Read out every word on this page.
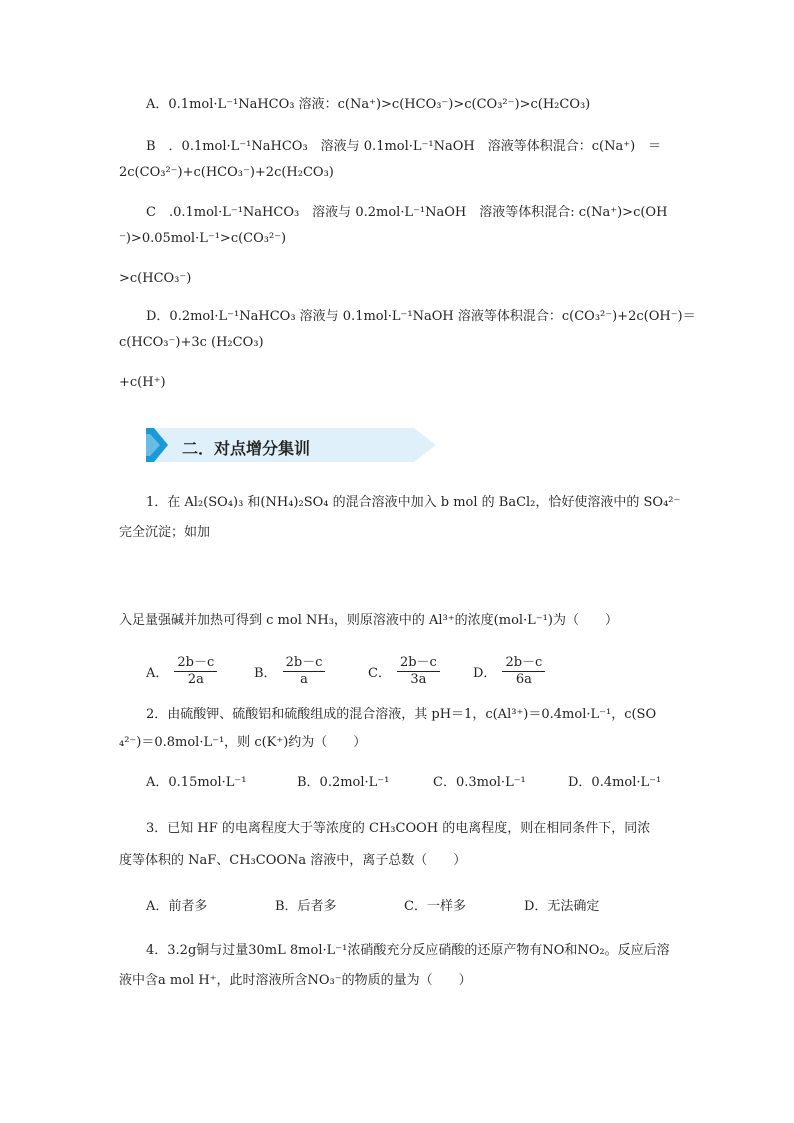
A．0.1mol·L⁻¹NaHCO₃ 溶液：c(Na⁺)>c(HCO₃⁻)>c(CO₃²⁻)>c(H₂CO₃)
B　．0.1mol·L⁻¹NaHCO₃　溶液与 0.1mol·L⁻¹NaOH　溶液等体积混合：c(Na⁺)　＝
2c(CO₃²⁻)+c(HCO₃⁻)+2c(H₂CO₃)
C　.0.1mol·L⁻¹NaHCO₃　溶液与 0.2mol·L⁻¹NaOH　溶液等体积混合: c(Na⁺)>c(OH
⁻)>0.05mol·L⁻¹>c(CO₃²⁻)
>c(HCO₃⁻)
D．0.2mol·L⁻¹NaHCO₃ 溶液与 0.1mol·L⁻¹NaOH 溶液等体积混合：c(CO₃²⁻)+2c(OH⁻)＝
c(HCO₃⁻)+3c (H₂CO₃)
+c(H⁺)
二．对点增分集训
1．在 Al₂(SO₄)₃ 和(NH₄)₂SO₄ 的混合溶液中加入 b mol 的 BaCl₂，恰好使溶液中的 SO₄²⁻
完全沉淀；如加
入足量强碱并加热可得到 c mol NH₃，则原溶液中的 Al³⁺的浓度(mol·L⁻¹)为（　　）
A． $\frac{2b-c}{2a}$	B． $\frac{2b-c}{a}$	C． $\frac{2b-c}{3a}$	D． $\frac{2b-c}{6a}$
2．由硫酸钾、硫酸铝和硫酸组成的混合溶液，其 pH＝1，c(Al³⁺)＝0.4mol·L⁻¹，c(SO
₄²⁻)＝0.8mol·L⁻¹，则 c(K⁺)约为（　　）
A．0.15mol·L⁻¹	B．0.2mol·L⁻¹	C．0.3mol·L⁻¹	D．0.4mol·L⁻¹
3．已知 HF 的电离程度大于等浓度的 CH₃COOH 的电离程度，则在相同条件下，同浓
度等体积的 NaF、CH₃COONa 溶液中，离子总数（　　）
A．前者多	B．后者多	C．一样多	D．无法确定
4．3.2g铜与过量30mL 8mol·L⁻¹浓硝酸充分反应硝酸的还原产物有NO和NO₂。反应后溶
液中含a mol H⁺，此时溶液所含NO₃⁻的物质的量为（　　）
